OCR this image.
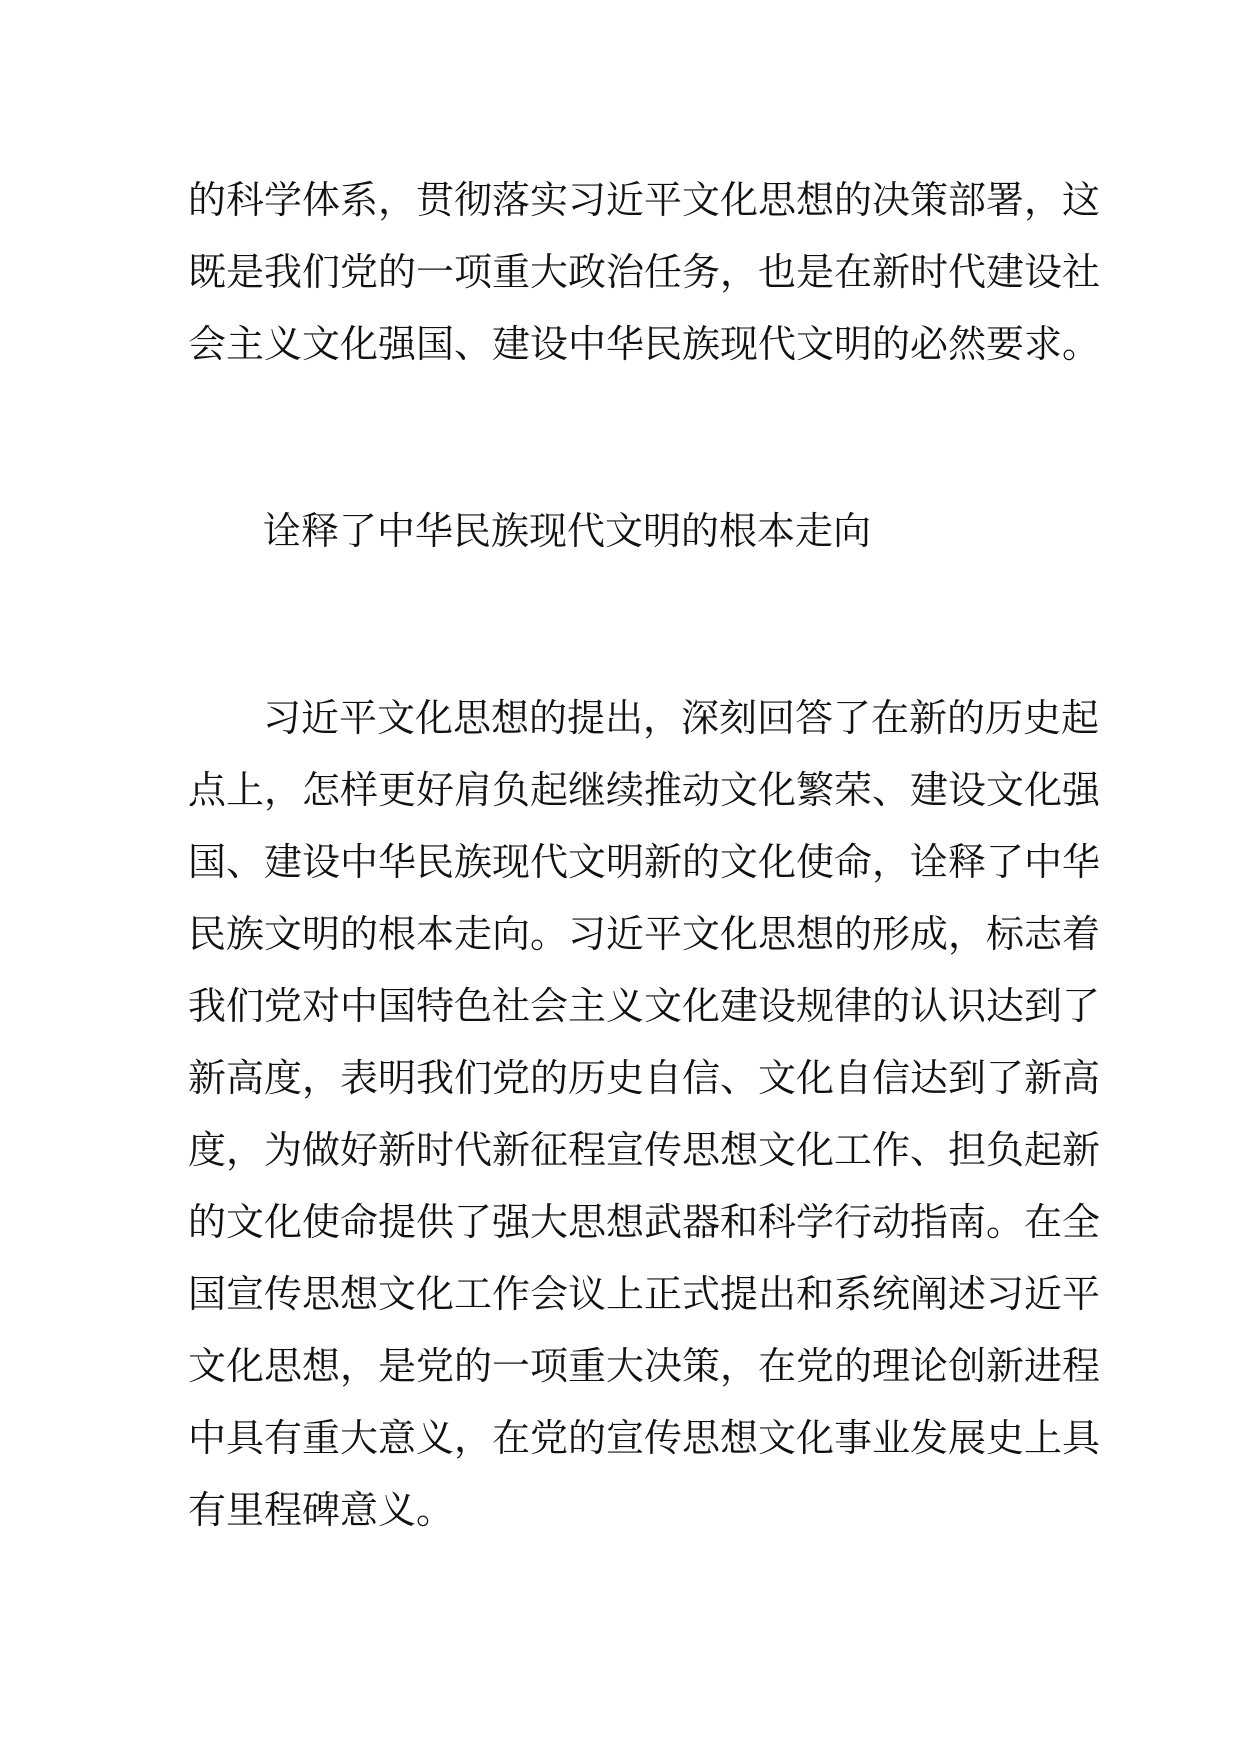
的科学体系，贯彻落实习近平文化思想的决策部署，这

既是我们党的一项重大政治任务，也是在新时代建设社

会主义文化强国、建设中华民族现代文明的必然要求。

诠释了中华民族现代文明的根本走向

习近平文化思想的提出，深刻回答了在新的历史起

点上，怎样更好肩负起继续推动文化繁荣、建设文化强

国、建设中华民族现代文明新的文化使命，诠释了中华

民族文明的根本走向。习近平文化思想的形成，标志着

我们党对中国特色社会主义文化建设规律的认识达到了

新高度，表明我们党的历史自信、文化自信达到了新高

度，为做好新时代新征程宣传思想文化工作、担负起新

的文化使命提供了强大思想武器和科学行动指南。在全

国宣传思想文化工作会议上正式提出和系统阐述习近平

文化思想，是党的一项重大决策，在党的理论创新进程

中具有重大意义，在党的宣传思想文化事业发展史上具

有里程碑意义。
